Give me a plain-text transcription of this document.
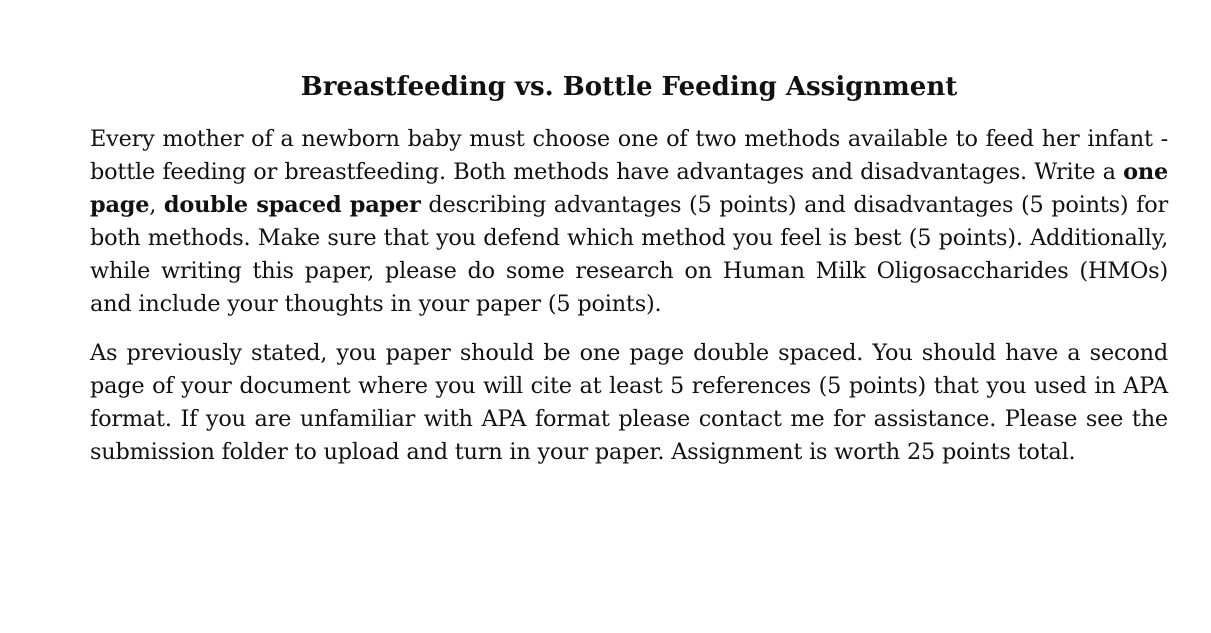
Breastfeeding vs. Bottle Feeding Assignment

Every mother of a newborn baby must choose one of two methods available to feed her infant - bottle feeding or breastfeeding. Both methods have advantages and disadvantages. Write a one page, double spaced paper describing advantages (5 points) and disadvantages (5 points) for both methods. Make sure that you defend which method you feel is best (5 points). Additionally, while writing this paper, please do some research on Human Milk Oligosaccharides (HMOs) and include your thoughts in your paper (5 points).

As previously stated, you paper should be one page double spaced. You should have a second page of your document where you will cite at least 5 references (5 points) that you used in APA format. If you are unfamiliar with APA format please contact me for assistance. Please see the submission folder to upload and turn in your paper. Assignment is worth 25 points total.
